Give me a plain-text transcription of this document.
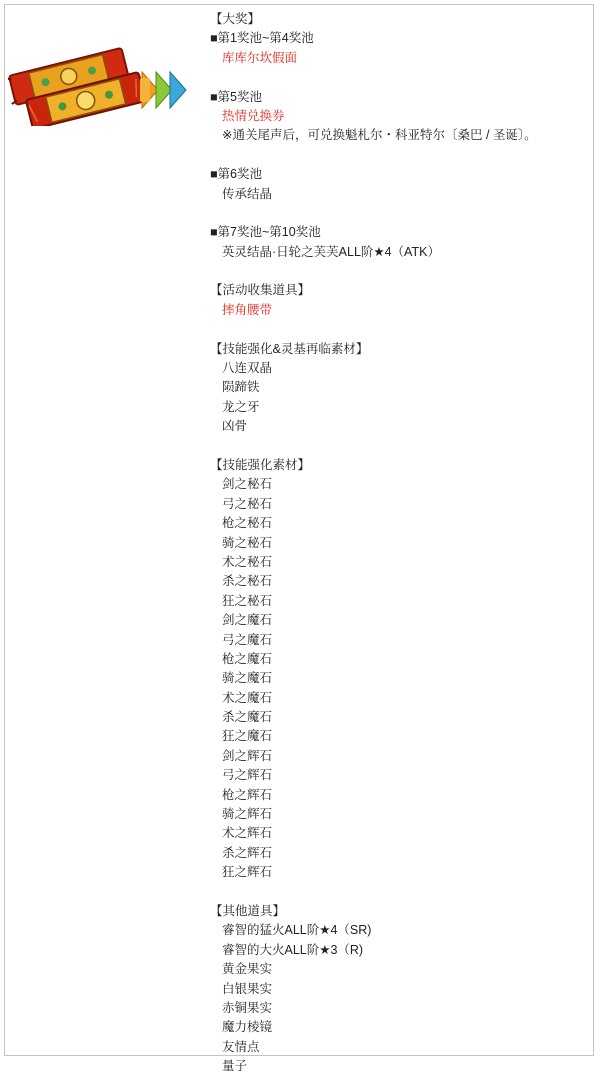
【大奖】
■第1奖池~第4奖池
库库尔坎假面
■第5奖池
热情兑换券
※通关尾声后，可兑换魁札尔・科亚特尔〔桑巴 / 圣诞〕。
■第6奖池
传承结晶
■第7奖池~第10奖池
英灵结晶·日轮之芙芙ALL阶★4（ATK）
【活动收集道具】
摔角腰带
【技能强化&灵基再临素材】
八连双晶
陨蹄铁
龙之牙
凶骨
【技能强化素材】
剑之秘石
弓之秘石
枪之秘石
骑之秘石
术之秘石
杀之秘石
狂之秘石
剑之魔石
弓之魔石
枪之魔石
骑之魔石
术之魔石
杀之魔石
狂之魔石
剑之辉石
弓之辉石
枪之辉石
骑之辉石
术之辉石
杀之辉石
狂之辉石
【其他道具】
睿智的猛火ALL阶★4（SR)
睿智的大火ALL阶★3（R)
黄金果实
白银果实
赤铜果实
魔力棱镜
友情点
量子
